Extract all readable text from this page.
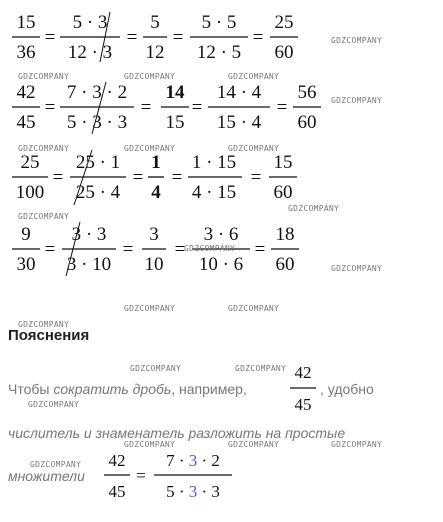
15
36
=
5 · 3
12 · 3
=
5
12
=
5 · 5
12 · 5
=
25
60
42
45
=
7 · 3 · 2
5 · 3 · 3
=
14
15
=
14 · 4
15 · 4
=
56
60
25
100
=
25 · 1
25 · 4
=
1
4
=
1 · 15
4 · 15
=
15
60
9
30
=
3 · 3
3 · 10
=
3
10
=
3 · 6
10 · 6
=
18
60
42
45
42
45
=
7 · 3 · 2
5 · 3 · 3
GDZCOMPANY
GDZCOMPANY	GDZCOMPANY	GDZCOMPANY
GDZCOMPANY
GDZCOMPANY	GDZCOMPANY	GDZCOMPANY
GDZCOMPANY
GDZCOMPANY
GDZCOMPANY
GDZCOMPANY
GDZCOMPANY	GDZCOMPANY
GDZCOMPANY
GDZCOMPANY	GDZCOMPANY
GDZCOMPANY
GDZCOMPANY	GDZCOMPANY	GDZCOMPANY
GDZCOMPANY
Пояснения
Чтобы сократить дробь, например,	, удобно
числитель и знаменатель разложить на простые
множители
